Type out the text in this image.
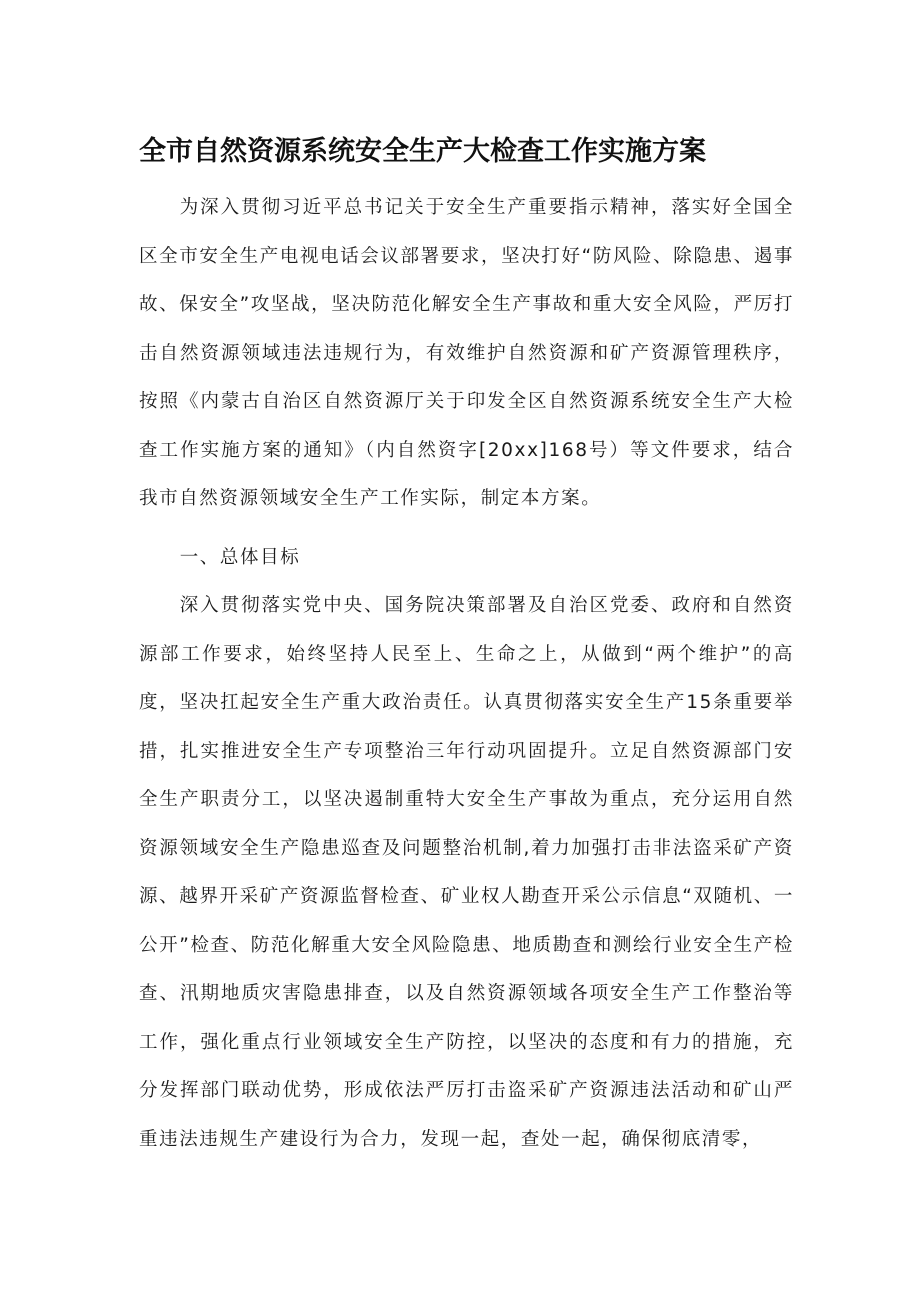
全市自然资源系统安全生产大检查工作实施方案
为深入贯彻习近平总书记关于安全生产重要指示精神，落实好全国全区全市安全生产电视电话会议部署要求，坚决打好“防风险、除隐患、遏事故、保安全”攻坚战，坚决防范化解安全生产事故和重大安全风险，严厉打击自然资源领域违法违规行为，有效维护自然资源和矿产资源管理秩序，按照《内蒙古自治区自然资源厅关于印发全区自然资源系统安全生产大检查工作实施方案的通知》（内自然资字[20xx]168号）等文件要求，结合我市自然资源领域安全生产工作实际，制定本方案。
一、总体目标
深入贯彻落实党中央、国务院决策部署及自治区党委、政府和自然资源部工作要求，始终坚持人民至上、生命之上，从做到“两个维护”的高度，坚决扛起安全生产重大政治责任。认真贯彻落实安全生产15条重要举措，扎实推进安全生产专项整治三年行动巩固提升。立足自然资源部门安全生产职责分工，以坚决遏制重特大安全生产事故为重点，充分运用自然资源领域安全生产隐患巡查及问题整治机制,着力加强打击非法盗采矿产资源、越界开采矿产资源监督检查、矿业权人勘查开采公示信息“双随机、一公开”检查、防范化解重大安全风险隐患、地质勘查和测绘行业安全生产检查、汛期地质灾害隐患排查，以及自然资源领域各项安全生产工作整治等工作，强化重点行业领域安全生产防控，以坚决的态度和有力的措施，充分发挥部门联动优势，形成依法严厉打击盗采矿产资源违法活动和矿山严重违法违规生产建设行为合力，发现一起，查处一起，确保彻底清零，
